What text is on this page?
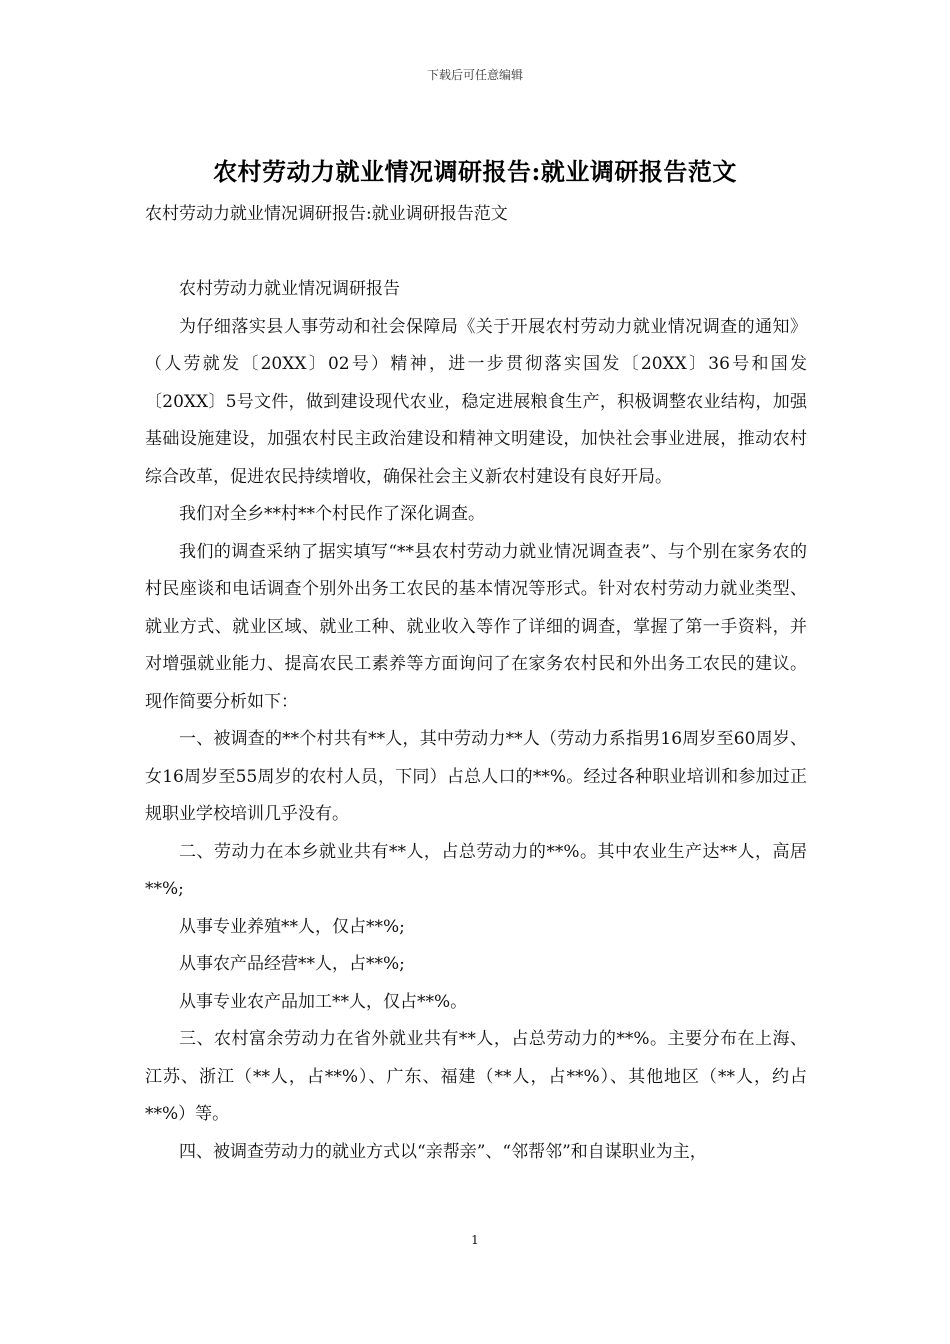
下载后可任意编辑
农村劳动力就业情况调研报告:就业调研报告范文
农村劳动力就业情况调研报告:就业调研报告范文

农村劳动力就业情况调研报告

为仔细落实县人事劳动和社会保障局《关于开展农村劳动力就业情况调查的通知》（人劳就发〔20XX〕02号）精神，进一步贯彻落实国发〔20XX〕36号和国发〔20XX〕5号文件，做到建设现代农业，稳定进展粮食生产，积极调整农业结构，加强基础设施建设，加强农村民主政治建设和精神文明建设，加快社会事业进展，推动农村综合改革，促进农民持续增收，确保社会主义新农村建设有良好开局。

我们对全乡**村**个村民作了深化调查。

我们的调查采纳了据实填写“**县农村劳动力就业情况调查表”、与个别在家务农的村民座谈和电话调查个别外出务工农民的基本情况等形式。针对农村劳动力就业类型、就业方式、就业区域、就业工种、就业收入等作了详细的调查，掌握了第一手资料，并对增强就业能力、提高农民工素养等方面询问了在家务农村民和外出务工农民的建议。现作简要分析如下：

一、被调查的**个村共有**人，其中劳动力**人（劳动力系指男16周岁至60周岁、女16周岁至55周岁的农村人员，下同）占总人口的**%。经过各种职业培训和参加过正规职业学校培训几乎没有。

二、劳动力在本乡就业共有**人，占总劳动力的**%。其中农业生产达**人，高居**%;

从事专业养殖**人，仅占**%;

从事农产品经营**人，占**%;

从事专业农产品加工**人，仅占**%。

三、农村富余劳动力在省外就业共有**人，占总劳动力的**%。主要分布在上海、江苏、浙江（**人，占**%）、广东、福建（**人，占**%）、其他地区（**人，约占**%）等。

四、被调查劳动力的就业方式以“亲帮亲”、“邻帮邻”和自谋职业为主，

1
